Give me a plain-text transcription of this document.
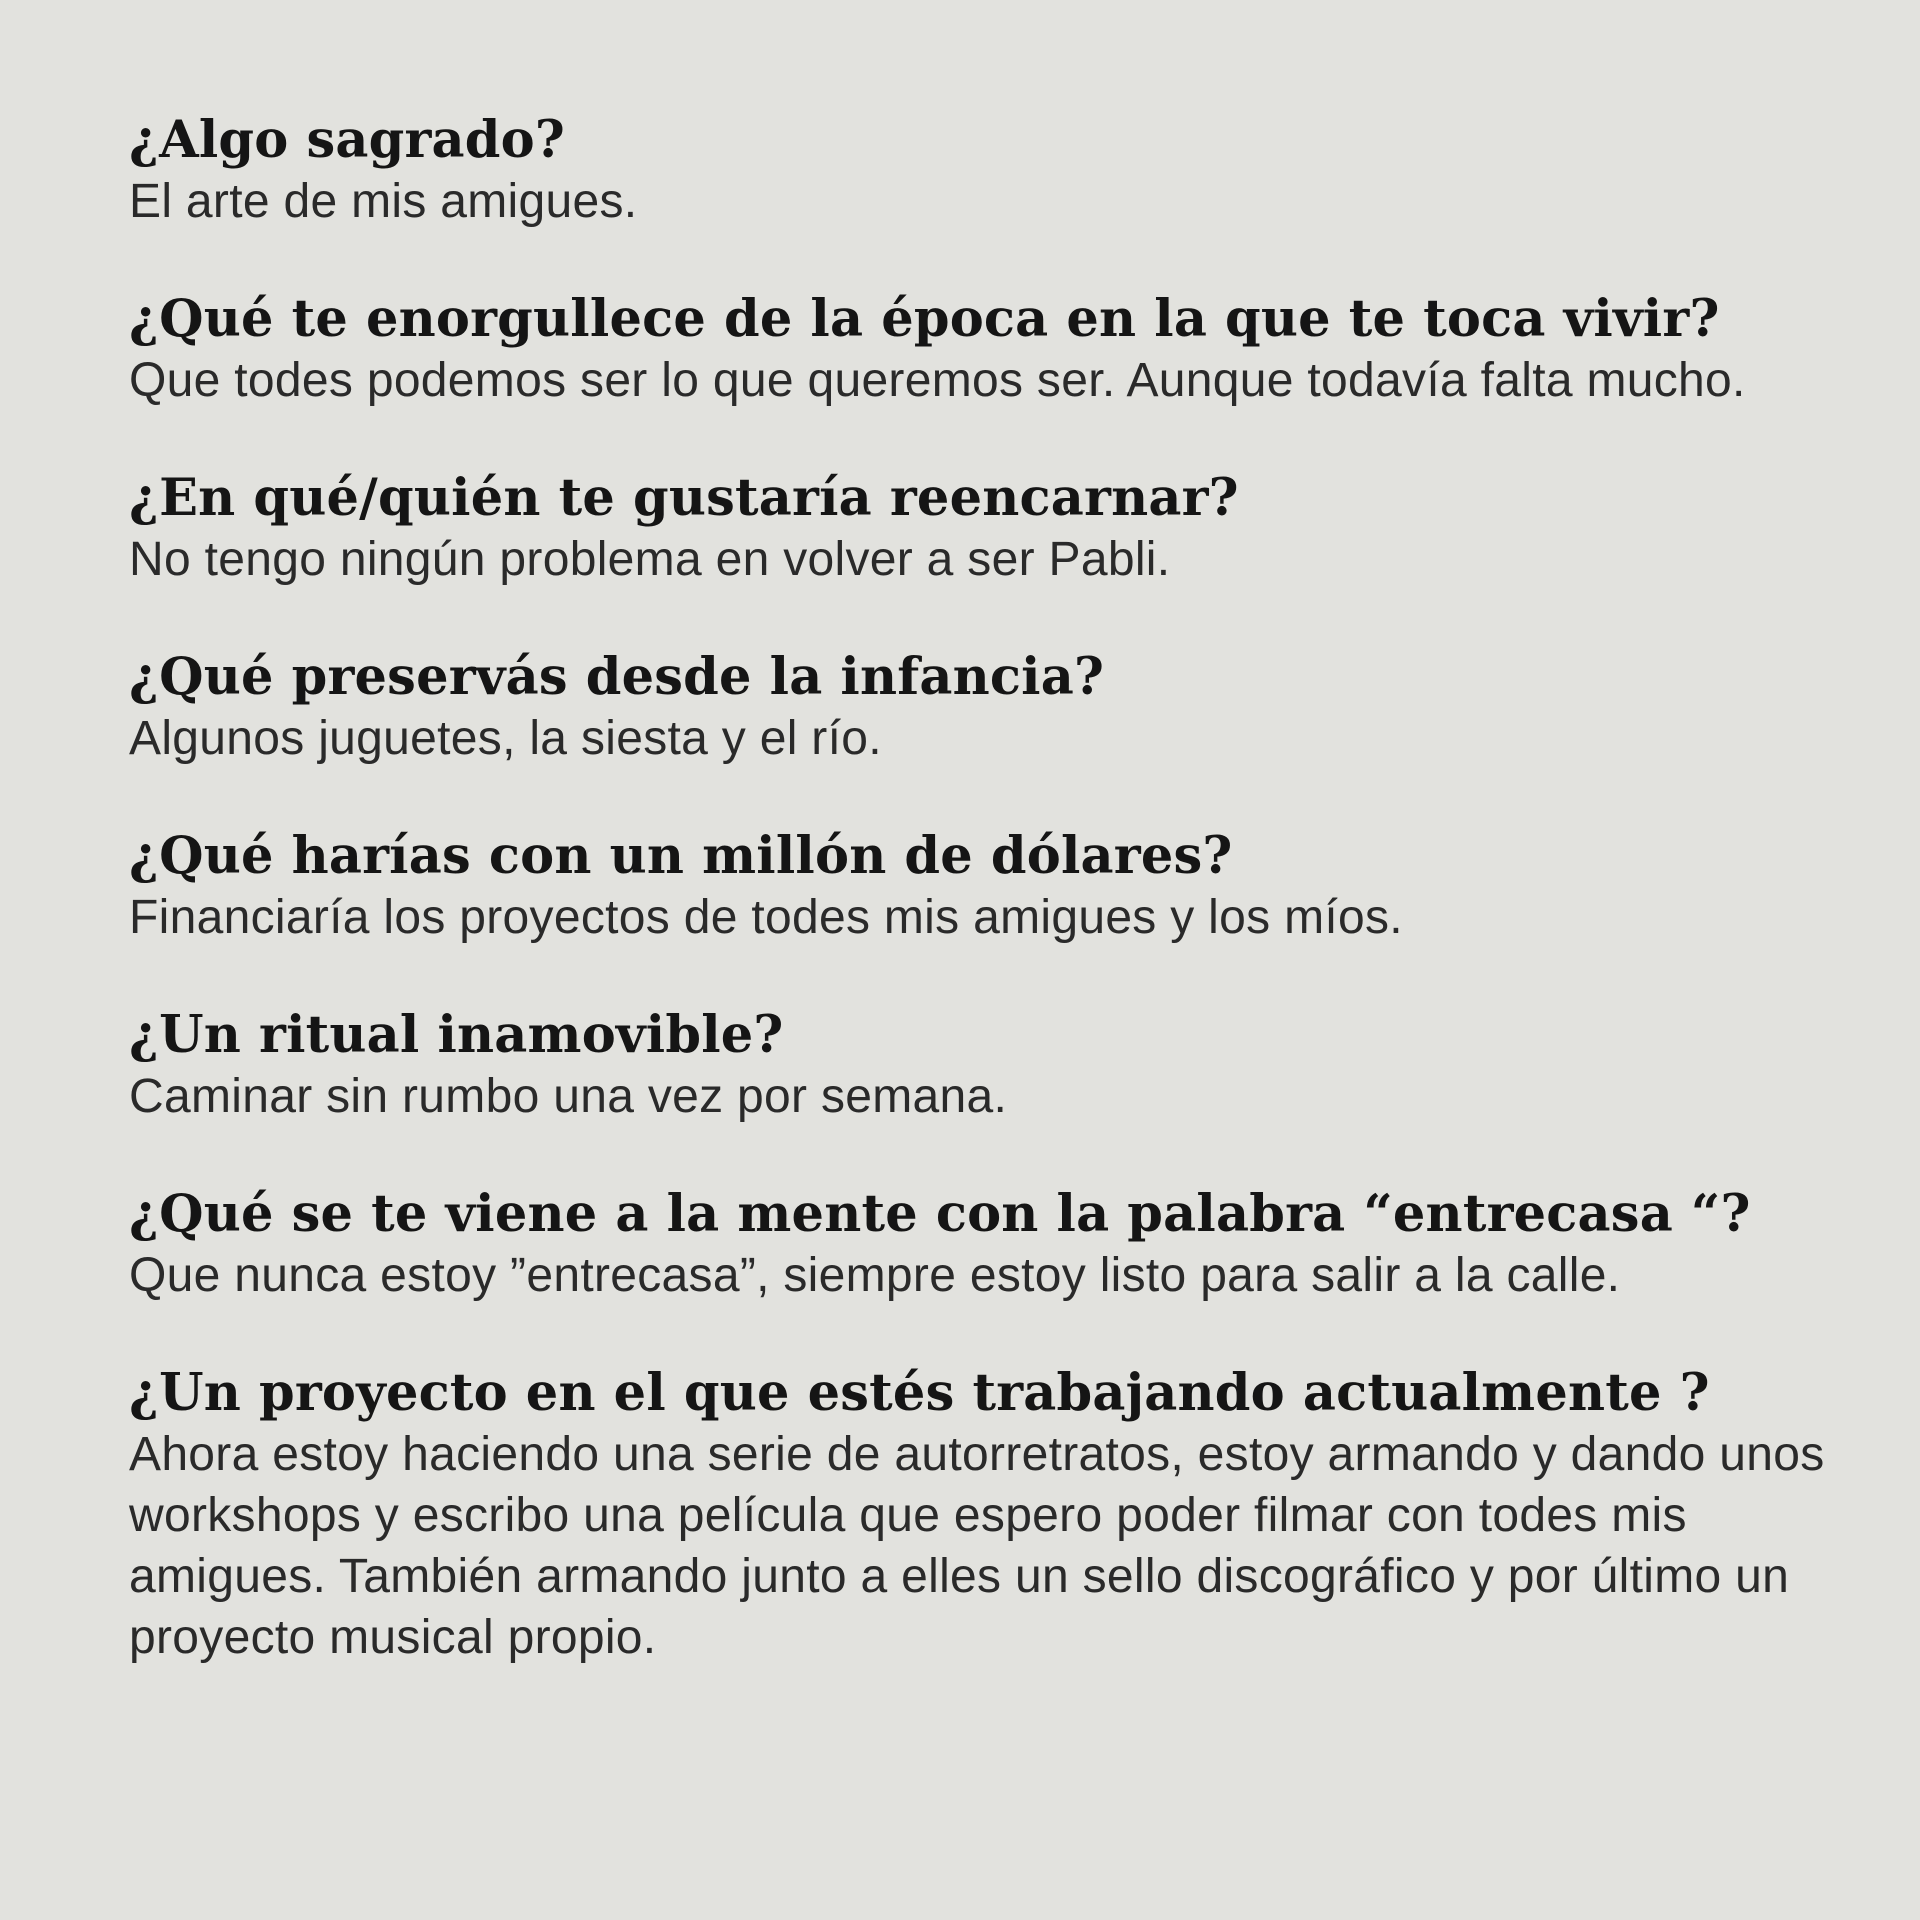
¿Algo sagrado?

El arte de mis amigues.

¿Qué te enorgullece de la época en la que te toca vivir?

Que todes podemos ser lo que queremos ser. Aunque todavía falta mucho.

¿En qué/quién te gustaría reencarnar?

No tengo ningún problema en volver a ser Pabli.

¿Qué preservás desde la infancia?

Algunos juguetes, la siesta y el río.

¿Qué harías con un millón de dólares?

Financiaría los proyectos de todes mis amigues y los míos.

¿Un ritual inamovible?

Caminar sin rumbo una vez por semana.

¿Qué se te viene a la mente con la palabra “entrecasa “?

Que nunca estoy ”entrecasa”, siempre estoy listo para salir a la calle.

¿Un proyecto en el que estés trabajando actualmente ?

Ahora estoy haciendo una serie de autorretratos, estoy armando y dando unos workshops y escribo una película que espero poder filmar con todes mis amigues. También armando junto a elles un sello discográfico y por último un proyecto musical propio.
